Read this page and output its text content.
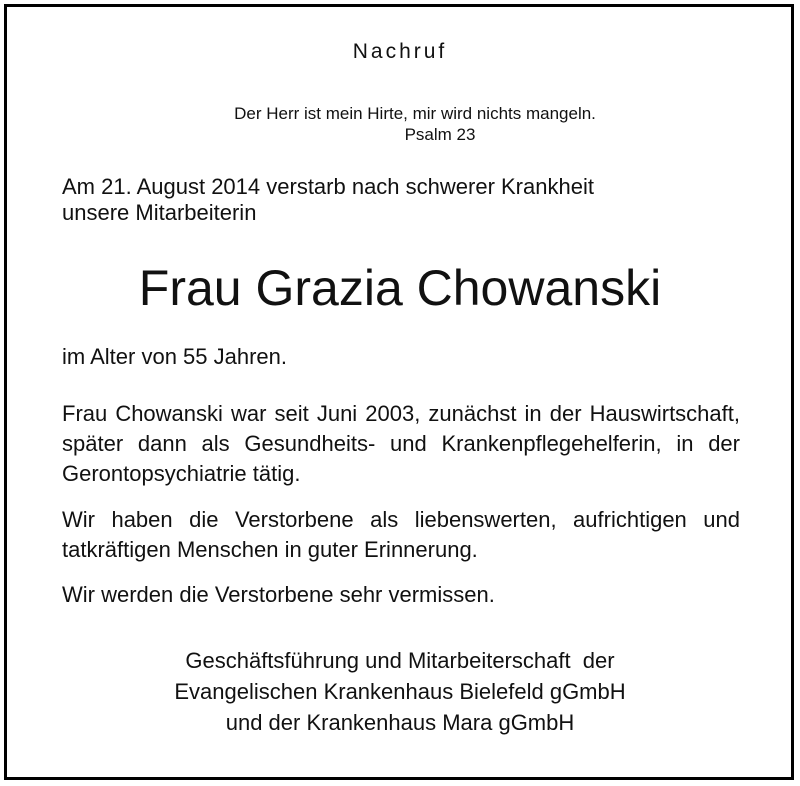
Nachruf
Der Herr ist mein Hirte, mir wird nichts mangeln.
Psalm 23
Am 21. August 2014 verstarb nach schwerer Krankheit
unsere Mitarbeiterin
Frau Grazia Chowanski
im Alter von 55 Jahren.
Frau Chowanski war seit Juni 2003, zunächst in der Hauswirtschaft, später dann als Gesundheits- und Krankenpflegehelferin, in der Gerontopsychiatrie tätig.
Wir haben die Verstorbene als liebenswerten, aufrichtigen und tatkräftigen Menschen in guter Erinnerung.
Wir werden die Verstorbene sehr vermissen.
Geschäftsführung und Mitarbeiterschaft  der
Evangelischen Krankenhaus Bielefeld gGmbH
und der Krankenhaus Mara gGmbH
